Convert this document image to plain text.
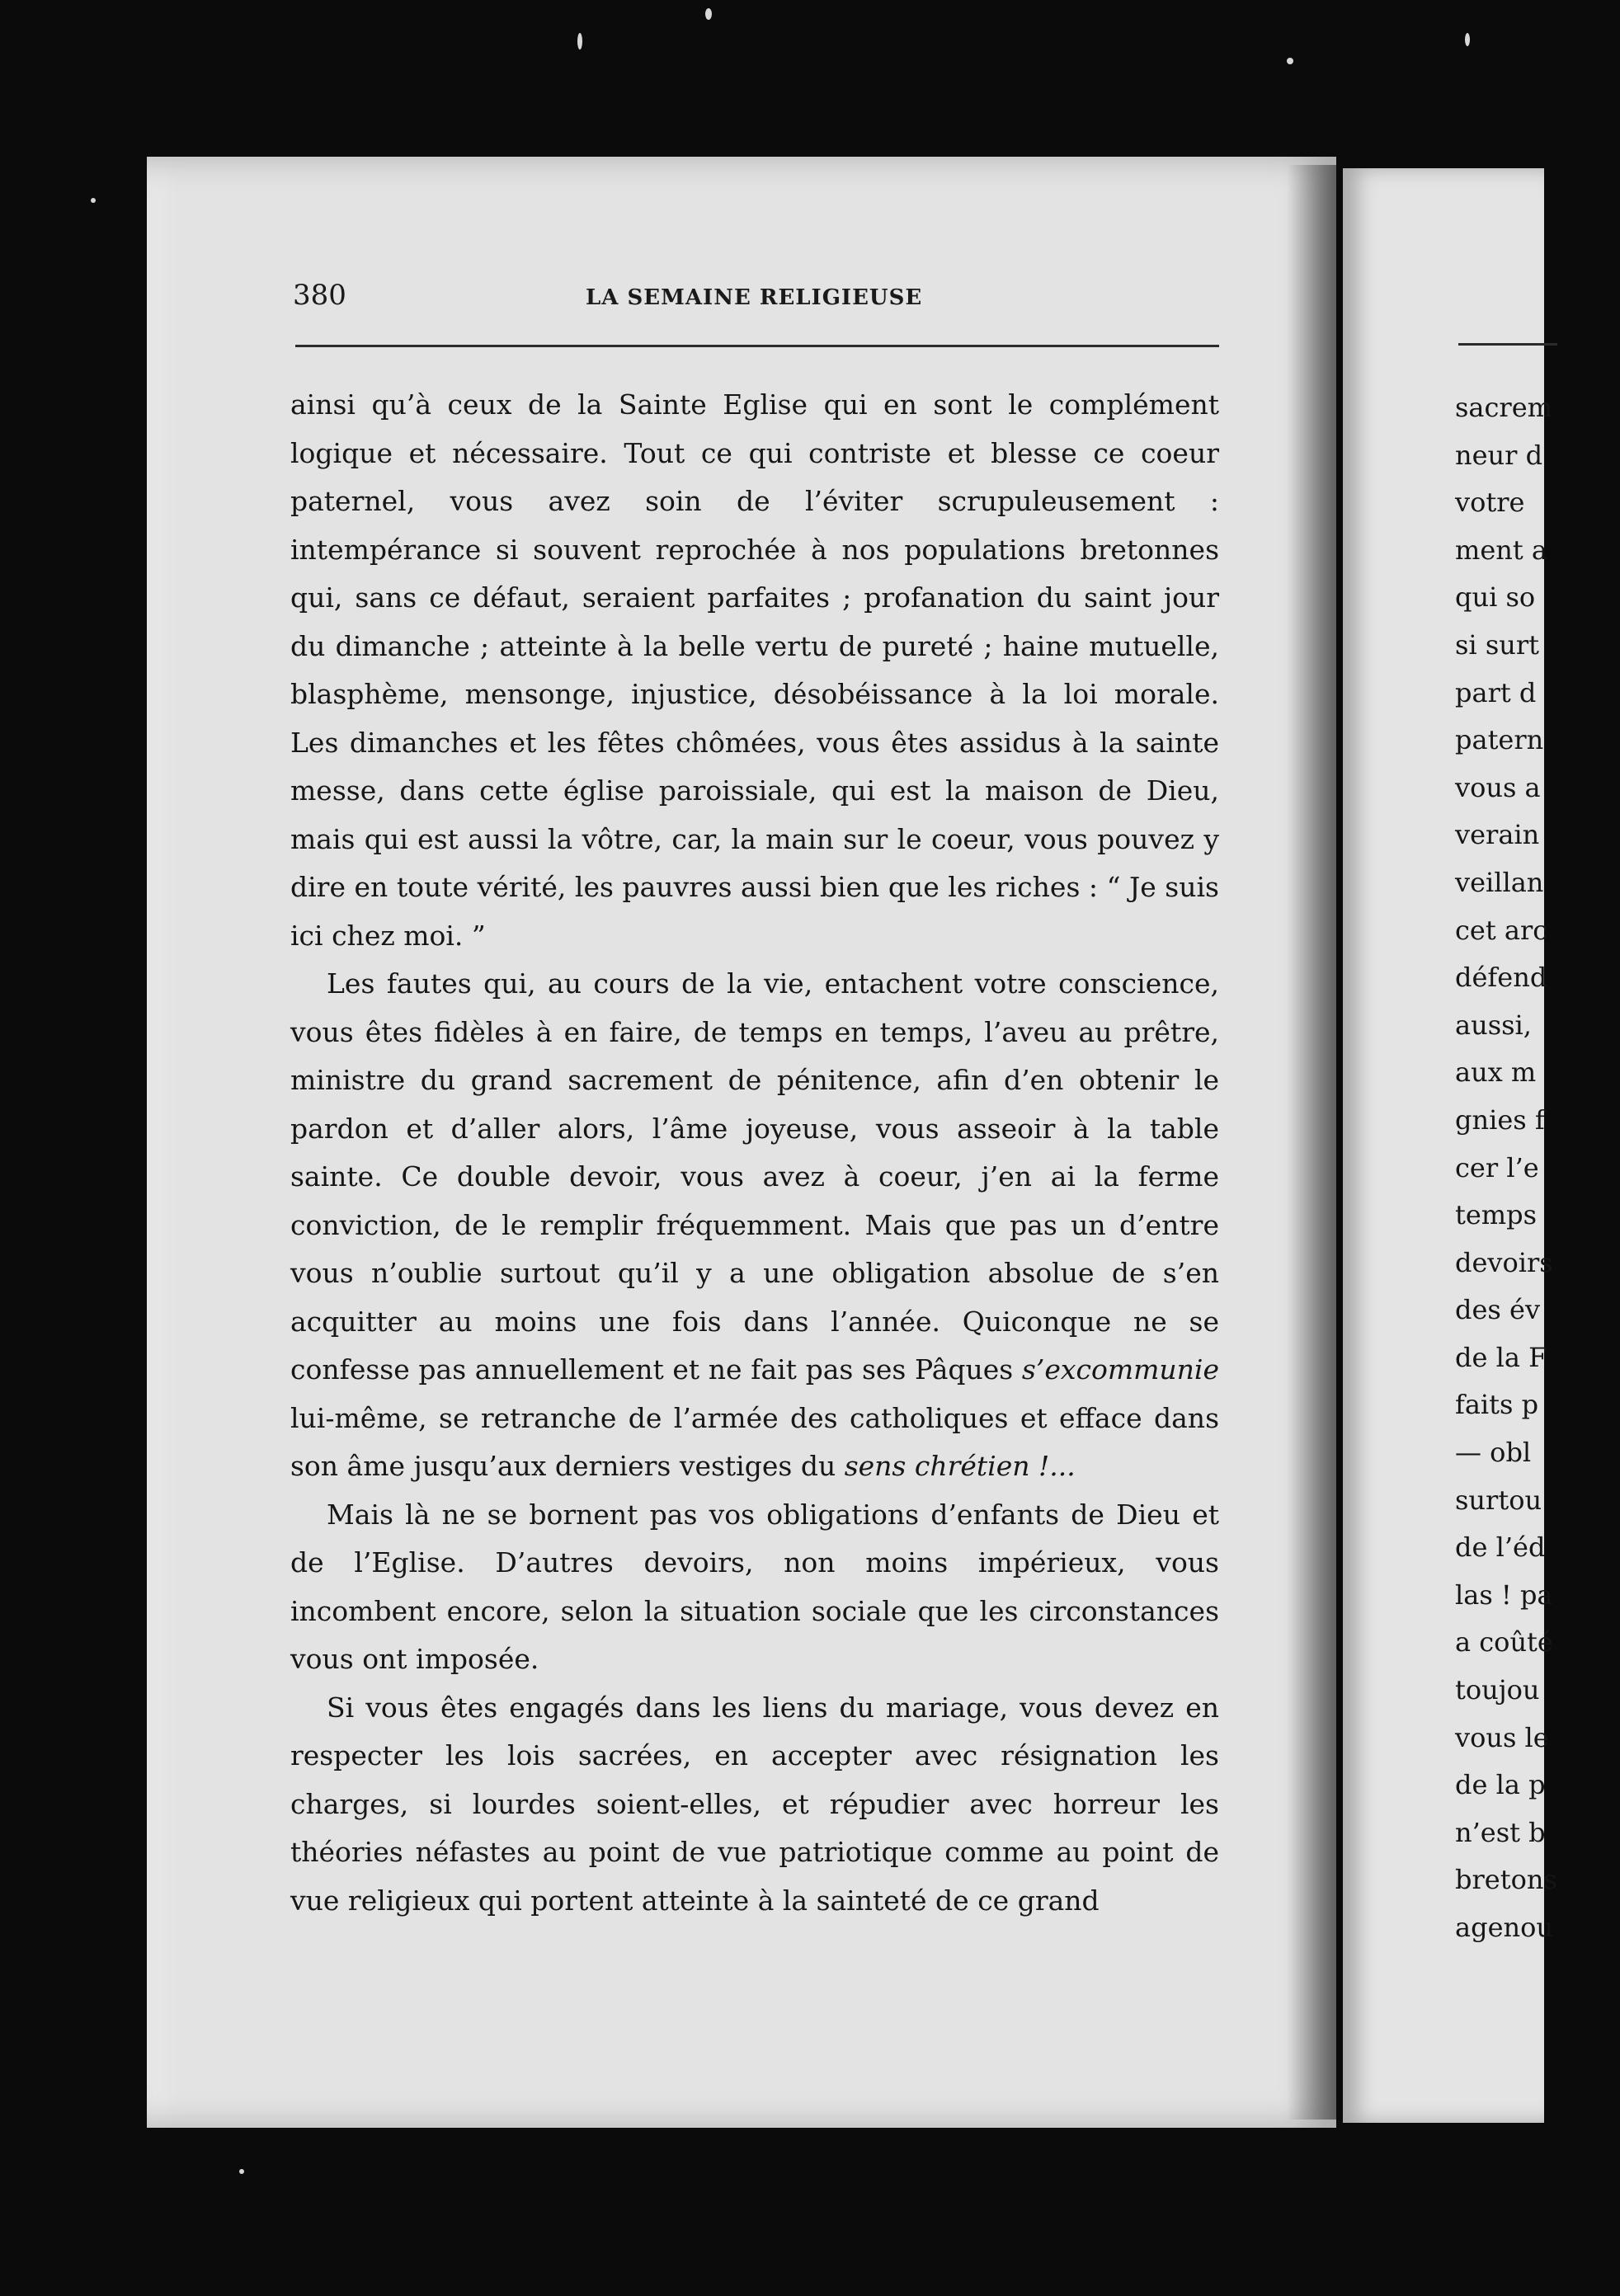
380	LA SEMAINE RELIGIEUSE

ainsi qu’à ceux de la Sainte Eglise qui en sont le complément logique et nécessaire. Tout ce qui contriste et blesse ce coeur paternel, vous avez soin de l’éviter scrupuleusement : intempérance si souvent reprochée à nos populations bretonnes qui, sans ce défaut, seraient parfaites ; profanation du saint jour du dimanche ; atteinte à la belle vertu de pureté ; haine mutuelle, blasphème, mensonge, injustice, désobéissance à la loi morale. Les dimanches et les fêtes chômées, vous êtes assidus à la sainte messe, dans cette église paroissiale, qui est la maison de Dieu, mais qui est aussi la vôtre, car, la main sur le coeur, vous pouvez y dire en toute vérité, les pauvres aussi bien que les riches : “ Je suis ici chez moi. ”

Les fautes qui, au cours de la vie, entachent votre conscience, vous êtes fidèles à en faire, de temps en temps, l’aveu au prêtre, ministre du grand sacrement de pénitence, afin d’en obtenir le pardon et d’aller alors, l’âme joyeuse, vous asseoir à la table sainte. Ce double devoir, vous avez à coeur, j’en ai la ferme conviction, de le remplir fréquemment. Mais que pas un d’entre vous n’oublie surtout qu’il y a une obligation absolue de s’en acquitter au moins une fois dans l’année. Quiconque ne se confesse pas annuellement et ne fait pas ses Pâques s’excommunie lui-même, se retranche de l’armée des catholiques et efface dans son âme jusqu’aux derniers vestiges du sens chrétien !...

Mais là ne se bornent pas vos obligations d’enfants de Dieu et de l’Eglise. D’autres devoirs, non moins impérieux, vous incombent encore, selon la situation sociale que les circonstances vous ont imposée.

Si vous êtes engagés dans les liens du mariage, vous devez en respecter les lois sacrées, en accepter avec résignation les charges, si lourdes soient-elles, et répudier avec horreur les théories néfastes au point de vue patriotique comme au point de vue religieux qui portent atteinte à la sainteté de ce grand

sacrem
neur d
votre
ment a
qui so
si surt
part d
patern
vous a
verain
veillan
cet arc
défend
aussi,
aux m
gnies f
cer l’e
temps
devoirs
des év
de la F
faits p
— obl
surtou
de l’éd
las ! pa
a coûté
toujou
vous le
de la p
n’est b
bretons
agenou
